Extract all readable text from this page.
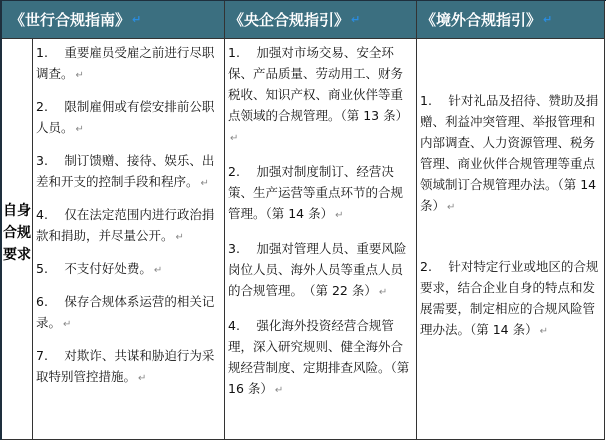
《世行合规指南》 ↵	《央企合规指引》 ↵	《境外合规指引》 ↵
自身
合规
要求

1.　 重要雇员受雇之前进行尽职调查。 ↵

2.　 限制雇佣或有偿安排前公职人员。 ↵

3.　 制订馈赠、接待、娱乐、出差和开支的控制手段和程序。 ↵

4.　 仅在法定范围内进行政治捐款和捐助，并尽量公开。 ↵

5.　 不支付好处费。 ↵

6.　 保存合规体系运营的相关记录。 ↵

7.　 对欺诈、共谋和胁迫行为采取特别管控措施。 ↵

1.　 加强对市场交易、安全环保、产品质量、劳动用工、财务税收、知识产权、商业伙伴等重点领域的合规管理。（第 13 条）↵

2.　 加强对制度制订、经营决策、生产运营等重点环节的合规管理。（第 14 条） ↵

3.　 加强对管理人员、重要风险岗位人员、海外人员等重点人员的合规管理。　（第 22 条） ↵

4.　 强化海外投资经营合规管理，深入研究规则、健全海外合规经营制度、定期排查风险。（第 16 条） ↵

1.　 针对礼品及招待、赞助及捐赠、利益冲突管理、举报管理和内部调查、人力资源管理、税务管理、商业伙伴合规管理等重点领域制订合规管理办法。（第 14 条） ↵

2.　 针对特定行业或地区的合规要求，结合企业自身的特点和发展需要，制定相应的合规风险管理办法。（第 14 条） ↵
